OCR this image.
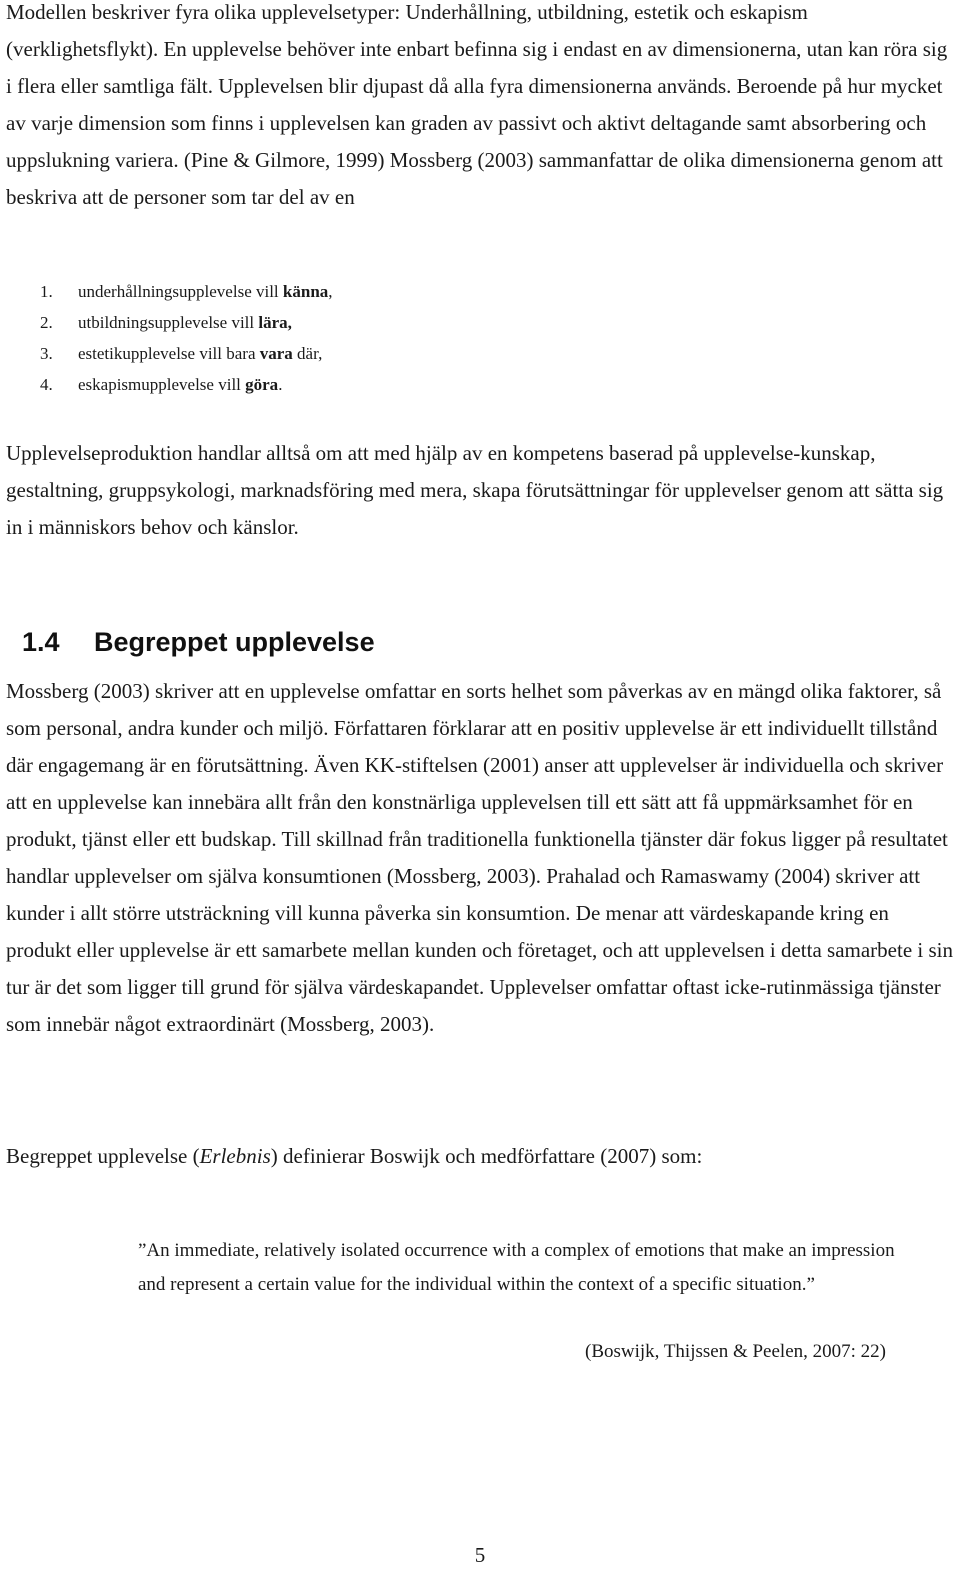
Modellen beskriver fyra olika upplevelsetyper: Underhållning, utbildning, estetik och eskapism (verklighetsflykt). En upplevelse behöver inte enbart befinna sig i endast en av dimensionerna, utan kan röra sig i flera eller samtliga fält. Upplevelsen blir djupast då alla fyra dimensionerna används. Beroende på hur mycket av varje dimension som finns i upplevelsen kan graden av passivt och aktivt deltagande samt absorbering och uppslukning variera. (Pine & Gilmore, 1999) Mossberg (2003) sammanfattar de olika dimensionerna genom att beskriva att de personer som tar del av en

1. underhållningsupplevelse vill känna,
2. utbildningsupplevelse vill lära,
3. estetikupplevelse vill bara vara där,
4. eskapismupplevelse vill göra.

Upplevelseproduktion handlar alltså om att med hjälp av en kompetens baserad på upplevelse-kunskap, gestaltning, gruppsykologi, marknadsföring med mera, skapa förutsättningar för upplevelser genom att sätta sig in i människors behov och känslor.

1.4 Begreppet upplevelse

Mossberg (2003) skriver att en upplevelse omfattar en sorts helhet som påverkas av en mängd olika faktorer, så som personal, andra kunder och miljö. Författaren förklarar att en positiv upplevelse är ett individuellt tillstånd där engagemang är en förutsättning. Även KK-stiftelsen (2001) anser att upplevelser är individuella och skriver att en upplevelse kan innebära allt från den konstnärliga upplevelsen till ett sätt att få uppmärksamhet för en produkt, tjänst eller ett budskap. Till skillnad från traditionella funktionella tjänster där fokus ligger på resultatet handlar upplevelser om själva konsumtionen (Mossberg, 2003). Prahalad och Ramaswamy (2004) skriver att kunder i allt större utsträckning vill kunna påverka sin konsumtion. De menar att värdeskapande kring en produkt eller upplevelse är ett samarbete mellan kunden och företaget, och att upplevelsen i detta samarbete i sin tur är det som ligger till grund för själva värdeskapandet. Upplevelser omfattar oftast icke-rutinmässiga tjänster som innebär något extraordinärt (Mossberg, 2003).

Begreppet upplevelse (Erlebnis) definierar Boswijk och medförfattare (2007) som:

”An immediate, relatively isolated occurrence with a complex of emotions that make an impression and represent a certain value for the individual within the context of a specific situation.”

(Boswijk, Thijssen & Peelen, 2007: 22)

5
